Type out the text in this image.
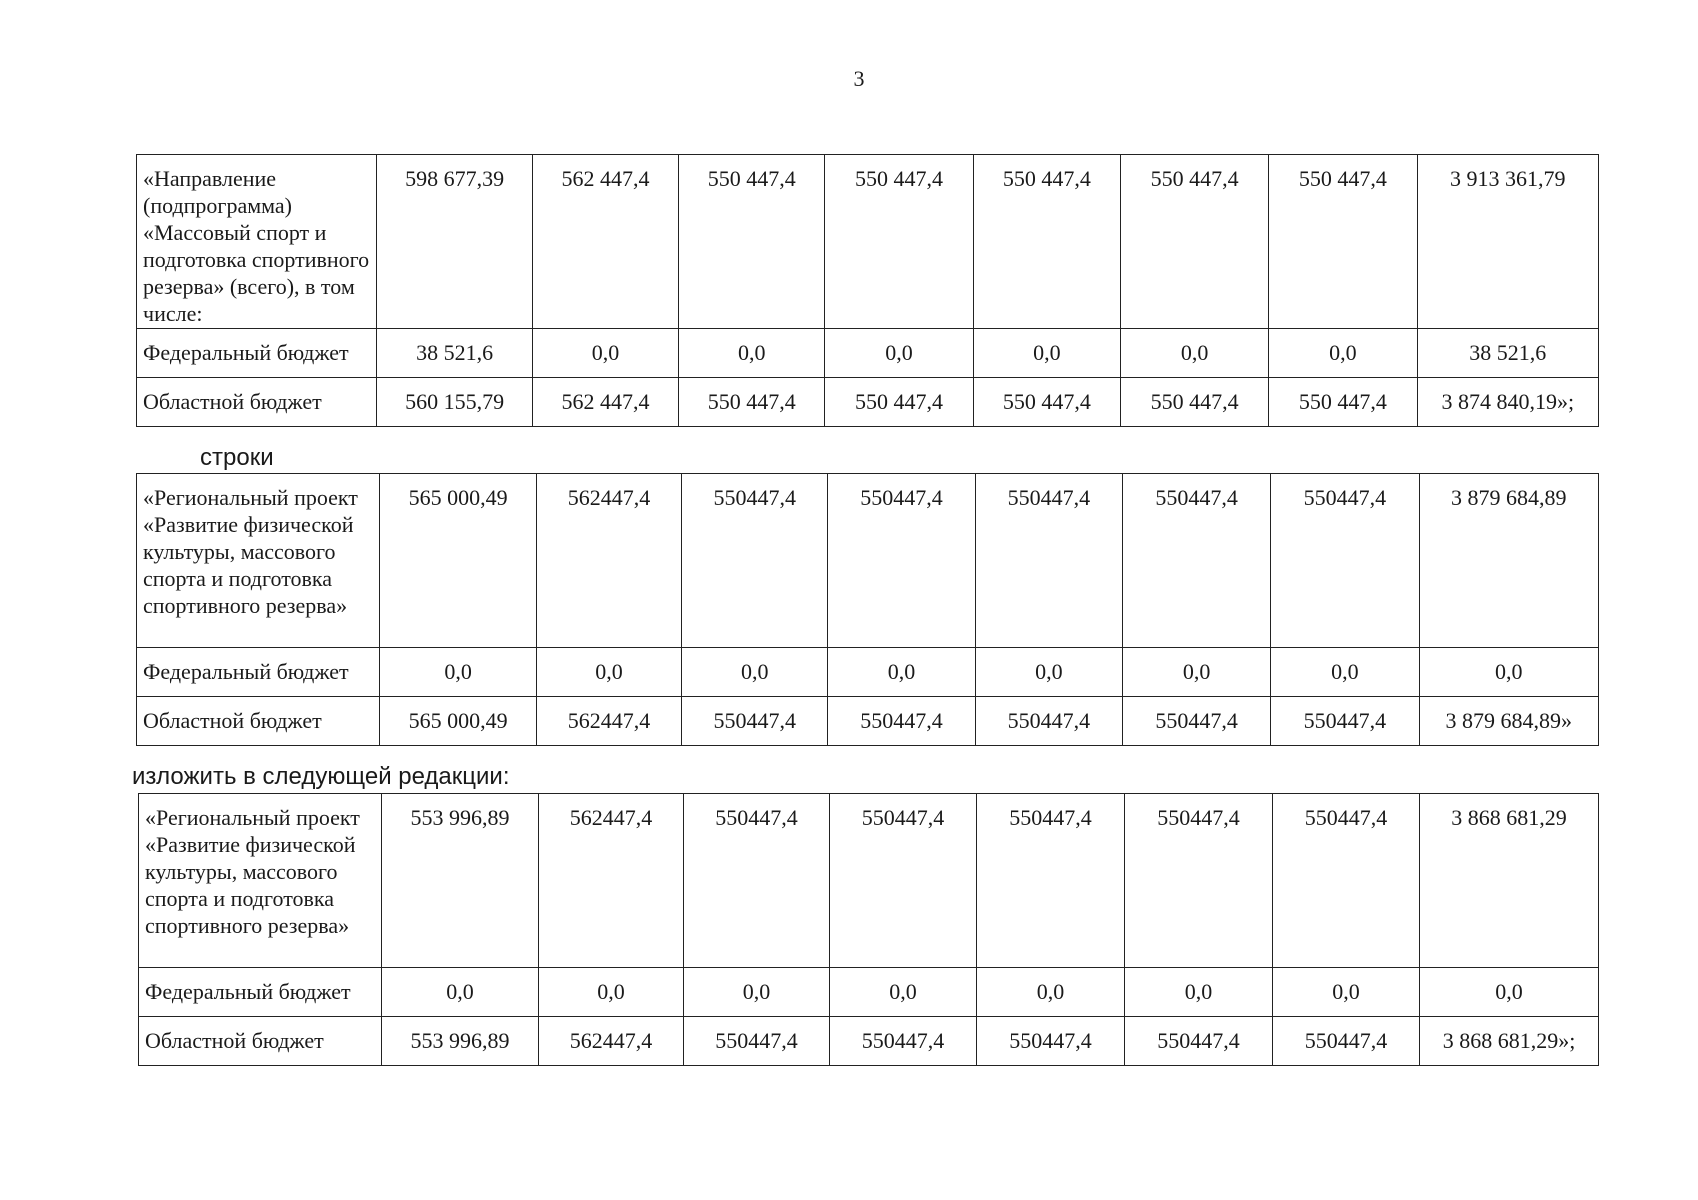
3
«Направление (подпрограмма) «Массовый спорт и подготовка спортивного резерва» (всего), в том числе:	598 677,39	562 447,4	550 447,4	550 447,4	550 447,4	550 447,4	550 447,4	3 913 361,79
Федеральный бюджет	38 521,6	0,0	0,0	0,0	0,0	0,0	0,0	38 521,6
Областной бюджет	560 155,79	562 447,4	550 447,4	550 447,4	550 447,4	550 447,4	550 447,4	3 874 840,19»;
строки
«Региональный проект «Развитие физической культуры, массового спорта и подготовка спортивного резерва»	565 000,49	562447,4	550447,4	550447,4	550447,4	550447,4	550447,4	3 879 684,89
Федеральный бюджет	0,0	0,0	0,0	0,0	0,0	0,0	0,0	0,0
Областной бюджет	565 000,49	562447,4	550447,4	550447,4	550447,4	550447,4	550447,4	3 879 684,89»
изложить в следующей редакции:
«Региональный проект «Развитие физической культуры, массового спорта и подготовка спортивного резерва»	553 996,89	562447,4	550447,4	550447,4	550447,4	550447,4	550447,4	3 868 681,29
Федеральный бюджет	0,0	0,0	0,0	0,0	0,0	0,0	0,0	0,0
Областной бюджет	553 996,89	562447,4	550447,4	550447,4	550447,4	550447,4	550447,4	3 868 681,29»;
